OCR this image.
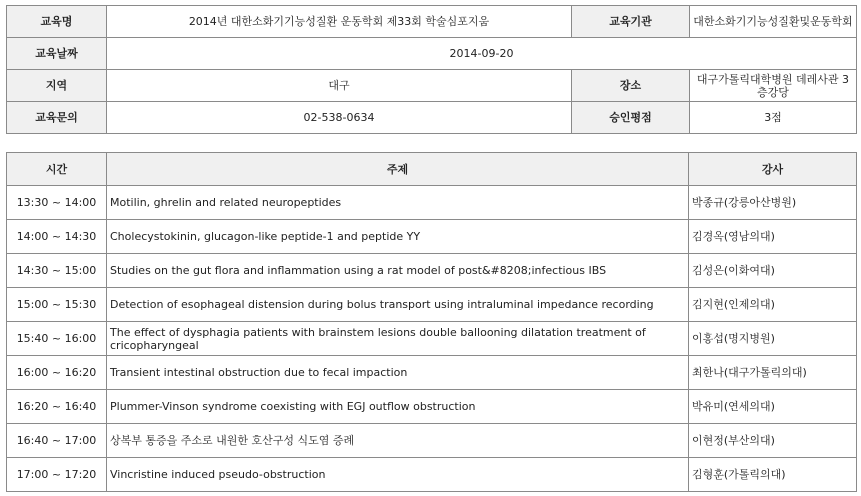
교육명	2014년 대한소화기기능성질환 운동학회 제33회 학술심포지움	교육기관	대한소화기기능성질환및운동학회
교육날짜	2014-09-20		
지역	대구	장소	대구가톨릭대학병원 데레사관 3층강당
교육문의	02-538-0634	승인평점	3점
시간	주제	강사
13:30 ~ 14:00	Motilin, ghrelin and related neuropeptides	박종규(강릉아산병원)
14:00 ~ 14:30	Cholecystokinin, glucagon-like peptide-1 and peptide YY	김경옥(영남의대)
14:30 ~ 15:00	Studies on the gut flora and inflammation using a rat model of post&#8208;infectious IBS	김성은(이화여대)
15:00 ~ 15:30	Detection of esophageal distension during bolus transport using intraluminal impedance recording	김지현(인제의대)
15:40 ~ 16:00	The effect of dysphagia patients with brainstem lesions double ballooning dilatation treatment of cricopharyngeal	이홍섭(명지병원)
16:00 ~ 16:20	Transient intestinal obstruction due to fecal impaction	최한나(대구가톨릭의대)
16:20 ~ 16:40	Plummer-Vinson syndrome coexisting with EGJ outflow obstruction	박유미(연세의대)
16:40 ~ 17:00	상복부 통증을 주소로 내원한 호산구성 식도염 증례	이현정(부산의대)
17:00 ~ 17:20	Vincristine induced pseudo-obstruction	김형훈(가톨릭의대)
